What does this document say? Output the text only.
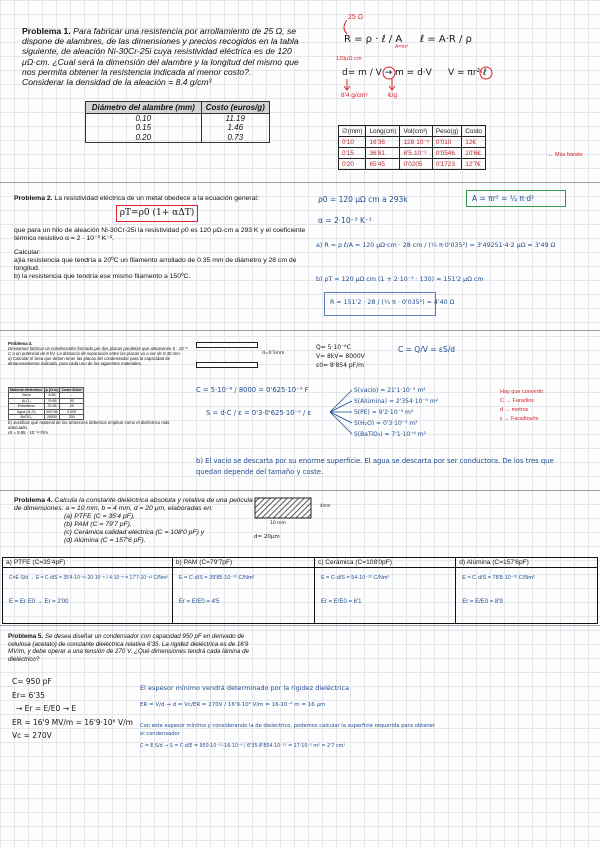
Problema 1. Para fabricar una resistencia por arrollamiento de 25 Ω, se dispone de alambres, de las dimensiones y precios recogidos en la tabla siguiente, de aleación Ni-30Cr-25i cuya resistividad eléctrica es de 120 μΩ·cm. ¿Cual será la dimensión del alambre y la longitud del mismo que nos permita obtener la resistencia indicada al menor costo?.
Considerar la densidad de la aleación = 8.4 g/cm³
Diámetro del alambre (mm)	Costo (euros/g)
0.10	11.19
0.15	1.46
0.20	0.73
25 Ω
R = ρ · ℓ / A
A=πr²
120μΩ·cm
ℓ = A·R / ρ
d= m / V → m = d·V V = πr²·ℓ
8'4 g/cm³	€/g
∅(mm)	Long(cm)	Vol(cm³)	Peso(g)	Costo
0'10	16'36	128·10⁻³	0'010	12€
0'15	36'81	6'5·10⁻³	0'0546	10'6€
0'20	65'45	0'0205	0'1723	12'7€
← Más barato
Problema 2. La resistividad eléctrica de un metal obedece a la ecuación general:
ρT=ρ0 (1+ αΔT)
que para un hilo de aleación Ni-30Cr-25i la resistividad ρ0 es 120 μΩ-cm a 293 K y el coeficiente térmico resistivo α = 2 · 10⁻³ K⁻¹.
Calcular:
a)la resistencia que tendría a 20ºC un filamento arrollado de 0.35 mm de diámetro y 28 cm de longitud.
b) la resistencia que tendría ese mismo filamento a 150ºC.
ρ0 = 120 μΩ cm a 293k
α = 2·10⁻³ K⁻¹
A = πr² = ¼ π·d²
a) R = ρ ℓ/A = 120 μΩ·cm · 28 cm / (¼ π·0'035²) = 3'49251·4·2 μΩ = 3'49 Ω
b) ρT = 120 μΩ cm (1 + 2·10⁻³ · 130) = 151'2 μΩ cm
R = 151'2 · 28 / (¼ π · 0'035²) = 4'40 Ω
Problema 3.
Deseamos fabricar un condensador formado por dos placas paralelas que almacenen 5 · 10⁻⁶ C a un potencial de 8 kV. La distancia de separación entre las placas va a ser de 0.30 mm.
a) Calcular el área que deben tener las placas del condensador para la capacidad de almacenamiento indicada, para cada uno de los siguientes materiales.
Material dieléctrico	ρ (Ω·m)	Coste €/dm³
Vacío	8.85	-
Al₂O₃	79.65	30
Polietileno	20.36	20
Agua (H₂O)	692.96	0.005
BaTiO₃	26550	200
b) Justificar qué material de los anteriores debemos emplear como el dieléctrico más adecuado.
ε0 = 8.85 · 10⁻¹² F/m
d=0'3mm
Q= 5·10⁻⁶C
V= 8kV= 8000V
ε0= 8'854 pF/m
C = Q/V = εS/d
C = 5·10⁻⁶ / 8000 = 0'625·10⁻⁹ F
S = d·C / ε = 0'3·0'625·10⁻⁹ / ε
S(vacío) = 21'1·10⁻³ m²
S(Alúmina) = 2'354·10⁻³ m²
S(PE) = 9'2·10⁻³ m²
S(H₂O) = 0'3·10⁻³ m²
S(BaTiO₃) = 7'1·10⁻⁶ m²
Hay que convertir:
C → Faradios
d → metros
ε → Faradios/m
b) El vacío se descarta por su enorme superficie. El agua se descarta por ser conductora. De los tres que quedan depende del tamaño y coste.
Problema 4. Calcula la constante dieléctrica absoluta y relativa de una película de dimensiones: a = 10 mm, b = 4 mm, d = 20 μm, elaboradas en:
(a) PTFE (C = 35'4 pF),
(b) PAM (C = 79'7 pF),
(c) Cerámica calidad eléctrica (C = 108'0 pF) y
(d) Alúmina (C = 157'6 pF).
4mm
10 mm
d= 20μm
a) PTFE (C=35'4pF)
C=E·S/d → E = C·d/S = 35'4·10⁻¹²·20·10⁻⁶ / 4·10⁻⁵ = 17'7·10⁻¹² C/Nm²
E = Er·E0 → Er = 2'00

b) PAM (C=79'7pF)
E = C·d/S = 39'85·10⁻¹² C/Nm²
Er = E/E0 = 4'5

c) Cerámica (C=108'0pF)
E = C·d/S = 54·10⁻¹² C/Nm²
Er = E/E0 = 6'1

d) Alúmina (C=157'6pF)
E = C·d/S = 78'8·10⁻¹² C/Nm²
Er = E/E0 = 8'9
Problema 5. Se desea diseñar un condensador con capacidad 950 pF en derivado de celulosa (acetato) de constante dieléctrica relativa 6'35. La rigidez dieléctrica es de 16'9 MV/m, y debe operar a una tensión de 270 V. ¿Qué dimensiones tendrá cada lámina de dieléctrico?
C= 950 pF
Er= 6'35
→ Er = E/E0 → E
ER = 16'9 MV/m = 16'9·10⁶ V/m
Vc = 270V
El espesor mínimo vendrá determinado por la rigidez dieléctrica
ER = V/d → d = Vc/ER = 270V / 16'9·10⁶ V/m = 16·10⁻⁶ m = 16 μm
Con este espesor mínimo y considerando la de dieléctrico, podemos calcular la superficie requerida para obtener el condensador
C = E·S/d → S = C·d/E = 950·10⁻¹²·16·10⁻⁶ / 6'35·8'854·10⁻¹² = 27·10⁻⁵ m² = 2'7 cm²
